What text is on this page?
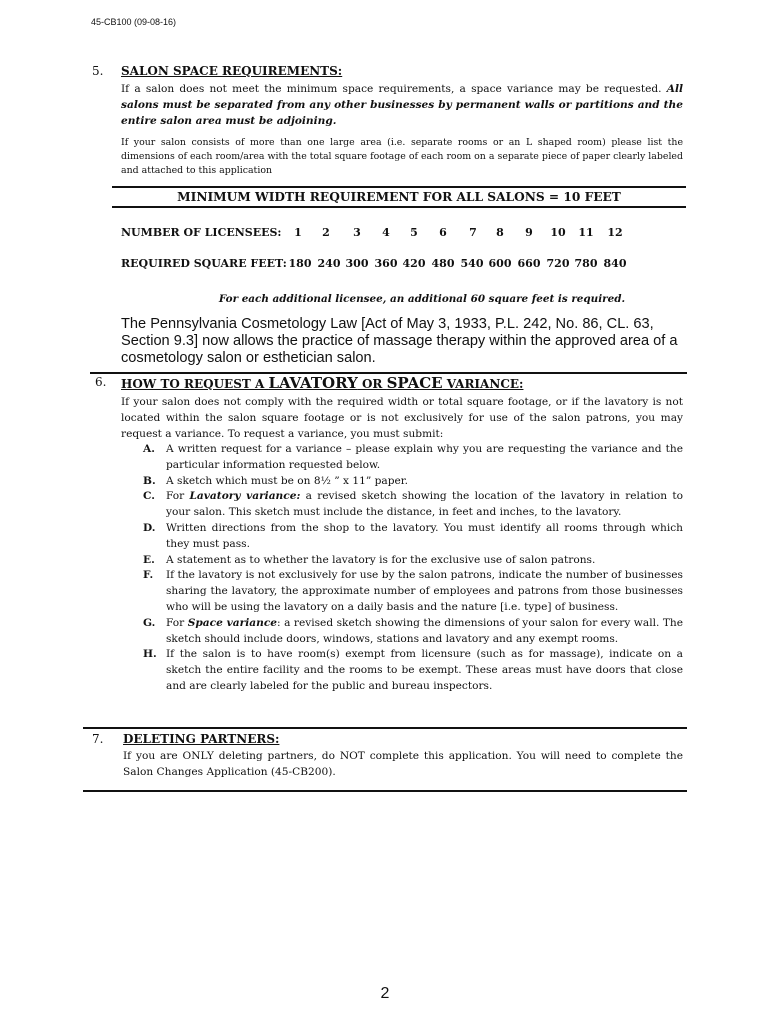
45-CB100 (09-08-16)
5. SALON SPACE REQUIREMENTS:
If a salon does not meet the minimum space requirements, a space variance may be requested. All salons must be separated from any other businesses by permanent walls or partitions and the entire salon area must be adjoining.
If your salon consists of more than one large area (i.e. separate rooms or an L shaped room) please list the dimensions of each room/area with the total square footage of each room on a separate piece of paper clearly labeled and attached to this application
MINIMUM WIDTH REQUIREMENT FOR ALL SALONS = 10 FEET
NUMBER OF LICENSEES: 1 2 3 4 5 6 7 8 9 10 11 12
REQUIRED SQUARE FEET: 180 240 300 360 420 480 540 600 660 720 780 840
For each additional licensee, an additional 60 square feet is required.
The Pennsylvania Cosmetology Law [Act of May 3, 1933, P.L. 242, No. 86, CL. 63, Section 9.3] now allows the practice of massage therapy within the approved area of a cosmetology salon or esthetician salon.
6. HOW TO REQUEST A LAVATORY OR SPACE VARIANCE:
If your salon does not comply with the required width or total square footage, or if the lavatory is not located within the salon square footage or is not exclusively for use of the salon patrons, you may request a variance. To request a variance, you must submit:
A. A written request for a variance – please explain why you are requesting the variance and the particular information requested below.
B. A sketch which must be on 8½ ” x 11” paper.
C. For Lavatory variance: a revised sketch showing the location of the lavatory in relation to your salon. This sketch must include the distance, in feet and inches, to the lavatory.
D. Written directions from the shop to the lavatory. You must identify all rooms through which they must pass.
E. A statement as to whether the lavatory is for the exclusive use of salon patrons.
F. If the lavatory is not exclusively for use by the salon patrons, indicate the number of businesses sharing the lavatory, the approximate number of employees and patrons from those businesses who will be using the lavatory on a daily basis and the nature [i.e. type] of business.
G. For Space variance: a revised sketch showing the dimensions of your salon for every wall. The sketch should include doors, windows, stations and lavatory and any exempt rooms.
H. If the salon is to have room(s) exempt from licensure (such as for massage), indicate on a sketch the entire facility and the rooms to be exempt. These areas must have doors that close and are clearly labeled for the public and bureau inspectors.
7. DELETING PARTNERS:
If you are ONLY deleting partners, do NOT complete this application. You will need to complete the Salon Changes Application (45-CB200).
2
